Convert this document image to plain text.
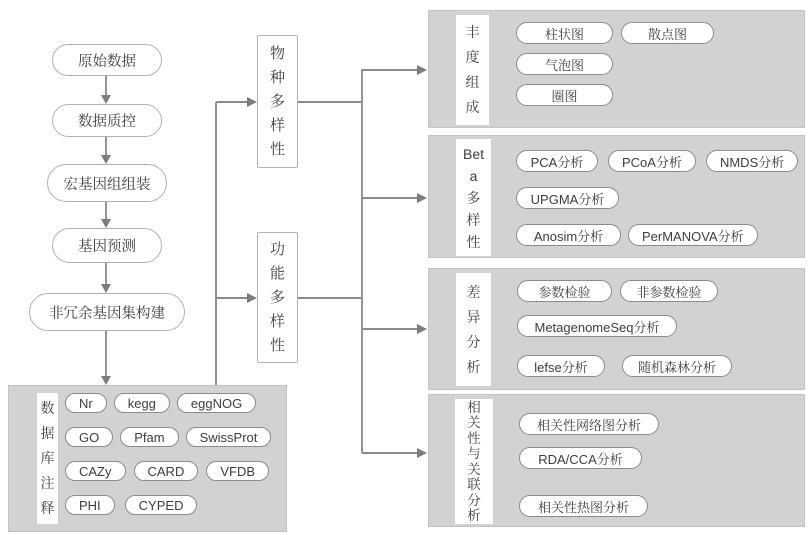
原始数据
数据质控
宏基因组组装
基因预测
非冗余基因集构建
数据库注释
Nr	kegg	eggNOG
GO	Pfam	SwissProt
CAZy	CARD	VFDB
PHI	CYPED
物种多样性
功能多样性
丰度组成
柱状图	散点图
气泡图
圈图
Beta多样性
PCA分析	PCoA分析	NMDS分析
UPGMA分析
Anosim分析	PerMANOVA分析
差异分析
参数检验	非参数检验
MetagenomeSeq分析
lefse分析	随机森林分析
相关性与关联分析
相关性网络图分析
RDA/CCA分析
相关性热图分析
